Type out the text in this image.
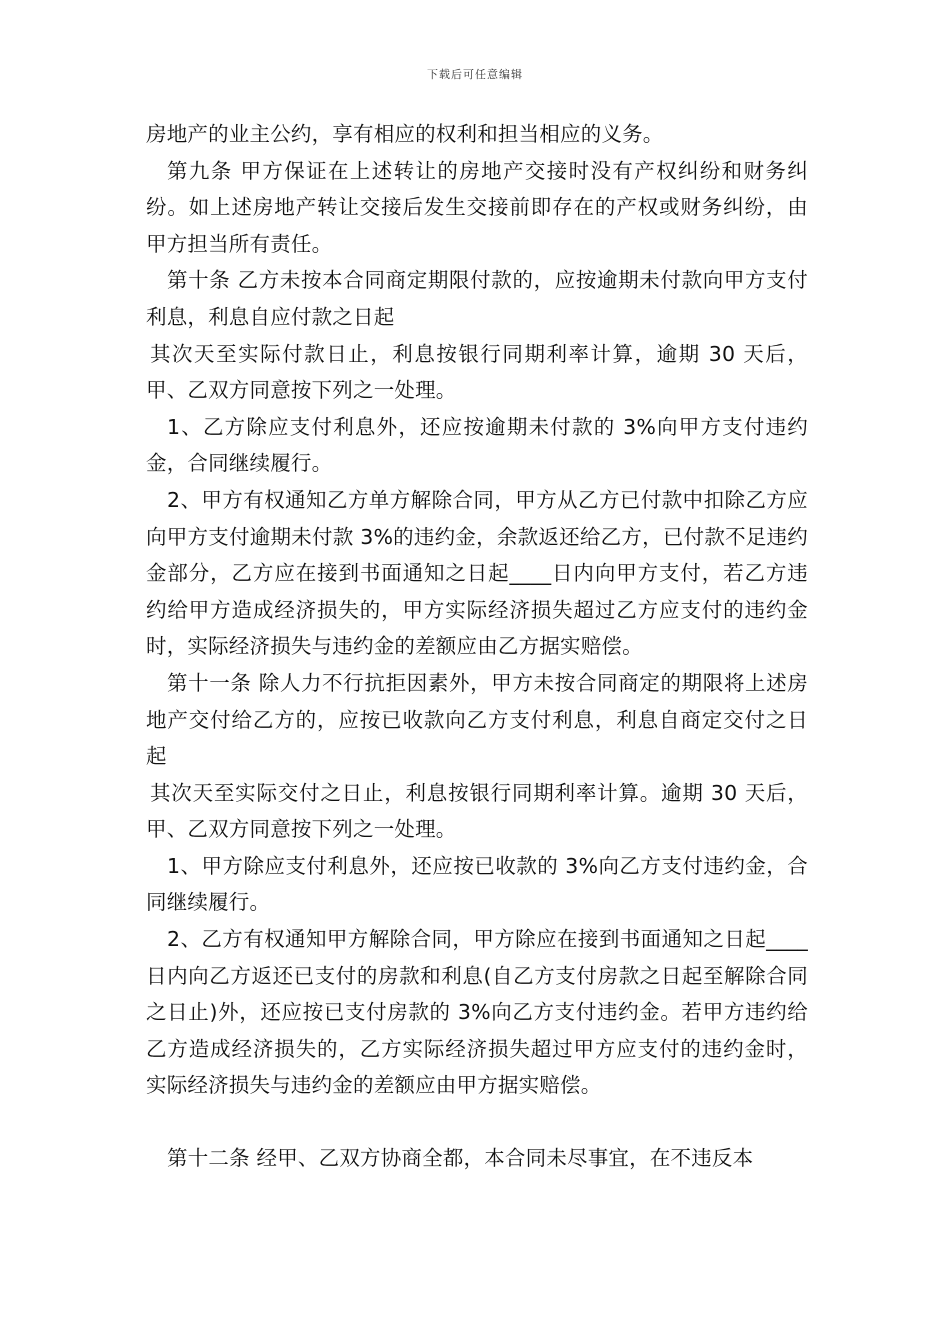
下载后可任意编辑

房地产的业主公约，享有相应的权利和担当相应的义务。

第九条 甲方保证在上述转让的房地产交接时没有产权纠纷和财务纠纷。如上述房地产转让交接后发生交接前即存在的产权或财务纠纷，由甲方担当所有责任。

第十条 乙方未按本合同商定期限付款的，应按逾期未付款向甲方支付利息，利息自应付款之日起

其次天至实际付款日止，利息按银行同期利率计算，逾期 30 天后，甲、乙双方同意按下列之一处理。

1、乙方除应支付利息外，还应按逾期未付款的 3%向甲方支付违约金，合同继续履行。

2、甲方有权通知乙方单方解除合同，甲方从乙方已付款中扣除乙方应向甲方支付逾期未付款 3%的违约金，余款返还给乙方，已付款不足违约金部分，乙方应在接到书面通知之日起____日内向甲方支付，若乙方违约给甲方造成经济损失的，甲方实际经济损失超过乙方应支付的违约金时，实际经济损失与违约金的差额应由乙方据实赔偿。

第十一条 除人力不行抗拒因素外，甲方未按合同商定的期限将上述房地产交付给乙方的，应按已收款向乙方支付利息，利息自商定交付之日起

其次天至实际交付之日止，利息按银行同期利率计算。逾期 30 天后，甲、乙双方同意按下列之一处理。

1、甲方除应支付利息外，还应按已收款的 3%向乙方支付违约金，合同继续履行。

2、乙方有权通知甲方解除合同，甲方除应在接到书面通知之日起____日内向乙方返还已支付的房款和利息(自乙方支付房款之日起至解除合同之日止)外，还应按已支付房款的 3%向乙方支付违约金。若甲方违约给乙方造成经济损失的，乙方实际经济损失超过甲方应支付的违约金时，实际经济损失与违约金的差额应由甲方据实赔偿。

第十二条 经甲、乙双方协商全都，本合同未尽事宜，在不违反本
